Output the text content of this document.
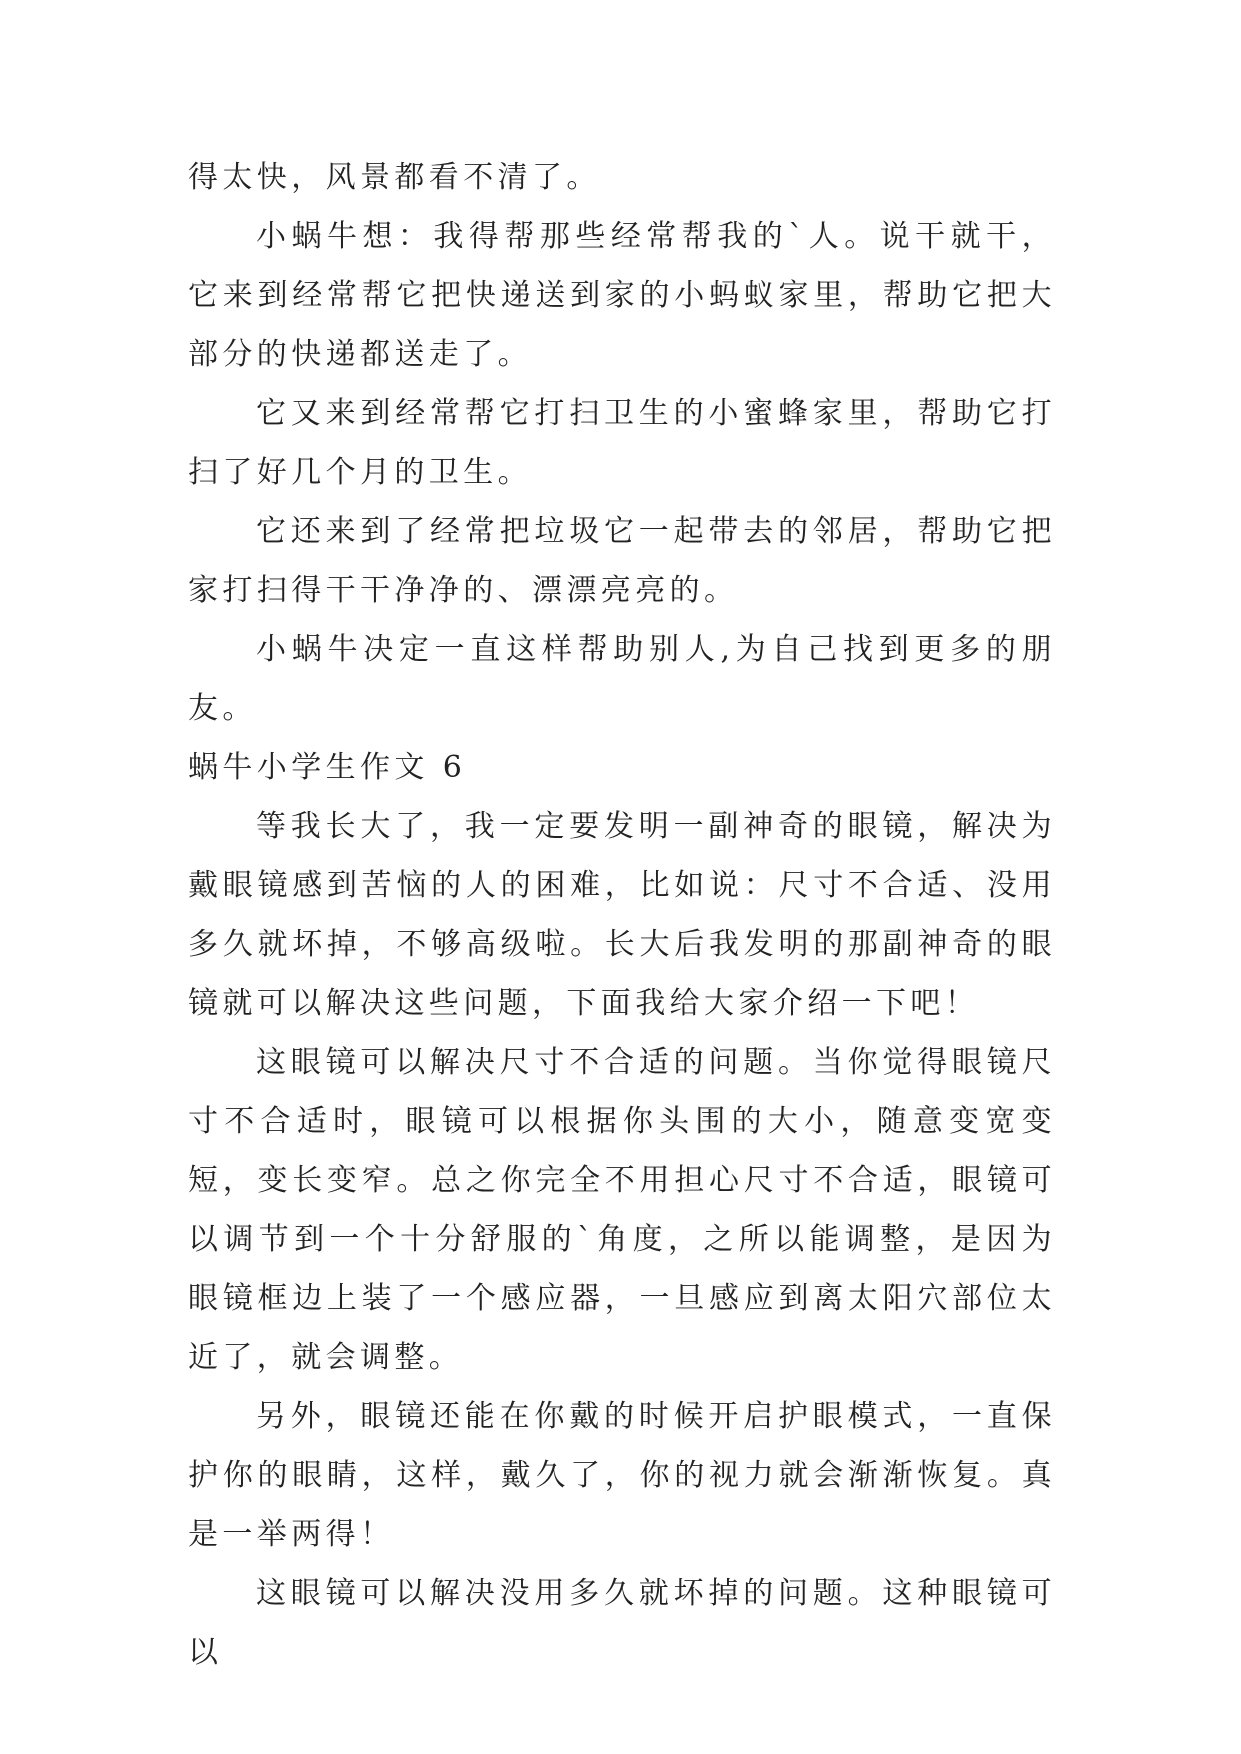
得太快，风景都看不清了。

小蜗牛想：我得帮那些经常帮我的`人。说干就干，它来到经常帮它把快递送到家的小蚂蚁家里，帮助它把大部分的快递都送走了。

它又来到经常帮它打扫卫生的小蜜蜂家里，帮助它打扫了好几个月的卫生。

它还来到了经常把垃圾它一起带去的邻居，帮助它把家打扫得干干净净的、漂漂亮亮的。

小蜗牛决定一直这样帮助别人,为自己找到更多的朋友。

蜗牛小学生作文 6

等我长大了，我一定要发明一副神奇的眼镜，解决为戴眼镜感到苦恼的人的困难，比如说：尺寸不合适、没用多久就坏掉，不够高级啦。长大后我发明的那副神奇的眼镜就可以解决这些问题，下面我给大家介绍一下吧！

这眼镜可以解决尺寸不合适的问题。当你觉得眼镜尺寸不合适时，眼镜可以根据你头围的大小，随意变宽变短，变长变窄。总之你完全不用担心尺寸不合适，眼镜可以调节到一个十分舒服的`角度，之所以能调整，是因为眼镜框边上装了一个感应器，一旦感应到离太阳穴部位太近了，就会调整。

另外，眼镜还能在你戴的时候开启护眼模式，一直保护你的眼睛，这样，戴久了，你的视力就会渐渐恢复。真是一举两得！

这眼镜可以解决没用多久就坏掉的问题。这种眼镜可以
